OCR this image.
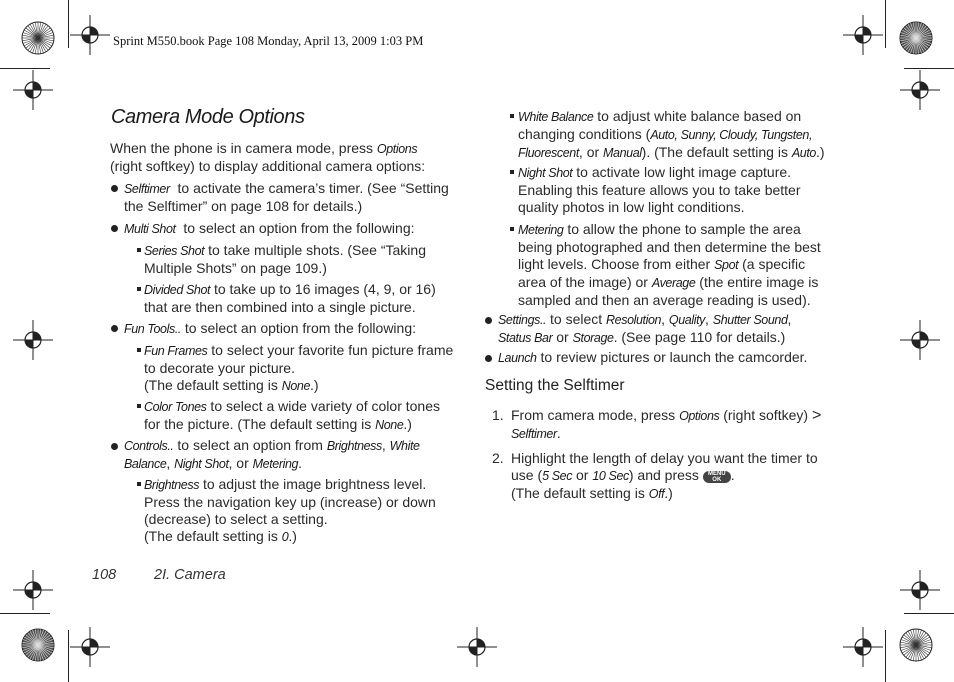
Sprint M550.book Page 108 Monday, April 13, 2009 1:03 PM
Camera Mode Options
When the phone is in camera mode, press Options
(right softkey) to display additional camera options:
Selftimer  to activate the camera’s timer. (See “Setting
the Selftimer” on page 108 for details.)
Multi Shot  to select an option from the following:
Series Shot to take multiple shots. (See “Taking
Multiple Shots” on page 109.)
Divided Shot to take up to 16 images (4, 9, or 16)
that are then combined into a single picture.
Fun Tools.. to select an option from the following:
Fun Frames to select your favorite fun picture frame
to decorate your picture.
(The default setting is None.)
Color Tones to select a wide variety of color tones
for the picture. (The default setting is None.)
Controls.. to select an option from Brightness, White
Balance, Night Shot, or Metering.
Brightness to adjust the image brightness level.
Press the navigation key up (increase) or down
(decrease) to select a setting.
(The default setting is 0.)
White Balance to adjust white balance based on
changing conditions (Auto, Sunny, Cloudy, Tungsten,
Fluorescent, or Manual). (The default setting is Auto.)
Night Shot to activate low light image capture.
Enabling this feature allows you to take better
quality photos in low light conditions.
Metering to allow the phone to sample the area
being photographed and then determine the best
light levels. Choose from either Spot (a specific
area of the image) or Average (the entire image is
sampled and then an average reading is used).
Settings.. to select Resolution, Quality, Shutter Sound,
Status Bar or Storage. (See page 110 for details.)
Launch to review pictures or launch the camcorder.
Setting the Selftimer
1. From camera mode, press Options (right softkey) >
Selftimer.
2. Highlight the length of delay you want the timer to
use (5 Sec or 10 Sec) and press MENU
OK .
(The default setting is Off.)
108	2I. Camera
